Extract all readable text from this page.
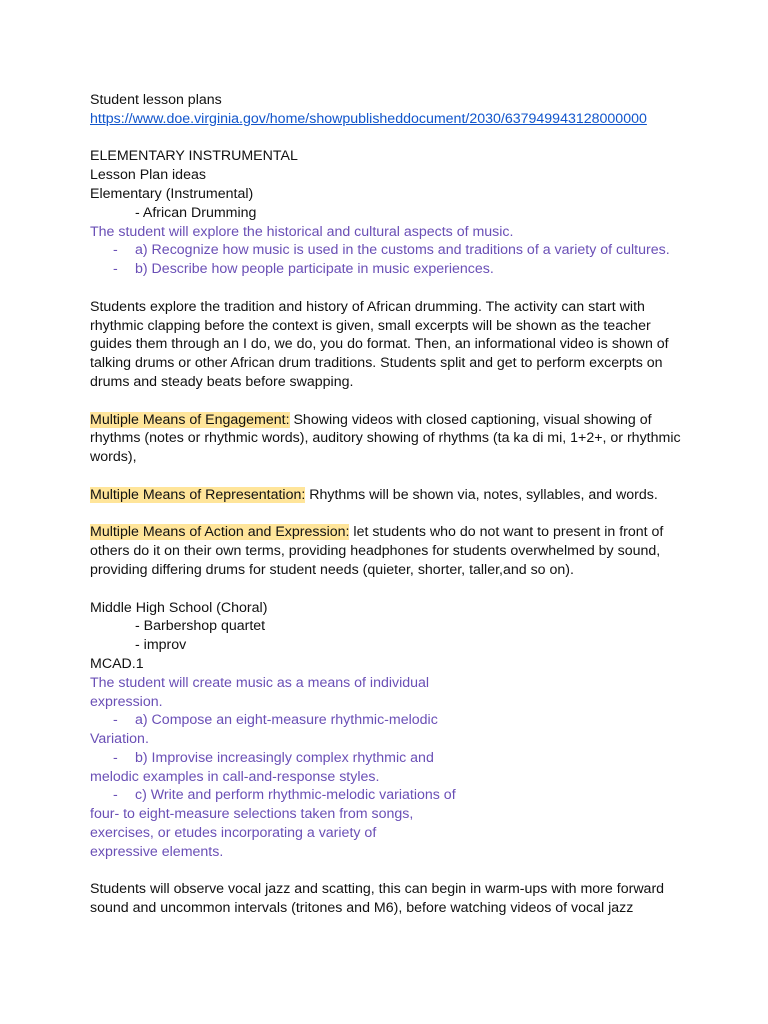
Student lesson plans
https://www.doe.virginia.gov/home/showpublisheddocument/2030/637949943128000000
ELEMENTARY INSTRUMENTAL
Lesson Plan ideas
Elementary (Instrumental)
- African Drumming
The student will explore the historical and cultural aspects of music.
- a) Recognize how music is used in the customs and traditions of a variety of cultures.
- b) Describe how people participate in music experiences.
Students explore the tradition and history of African drumming. The activity can start with rhythmic clapping before the context is given, small excerpts will be shown as the teacher guides them through an I do, we do, you do format. Then, an informational video is shown of talking drums or other African drum traditions. Students split and get to perform excerpts on drums and steady beats before swapping.
Multiple Means of Engagement: Showing videos with closed captioning, visual showing of rhythms (notes or rhythmic words), auditory showing of rhythms (ta ka di mi, 1+2+, or rhythmic words),
Multiple Means of Representation: Rhythms will be shown via, notes, syllables, and words.
Multiple Means of Action and Expression: let students who do not want to present in front of others do it on their own terms, providing headphones for students overwhelmed by sound, providing differing drums for student needs (quieter, shorter, taller,and so on).
Middle High School (Choral)
- Barbershop quartet
- improv
MCAD.1
The student will create music as a means of individual
expression.
- a) Compose an eight-measure rhythmic-melodic
Variation.
- b) Improvise increasingly complex rhythmic and
melodic examples in call-and-response styles.
- c) Write and perform rhythmic-melodic variations of
four- to eight-measure selections taken from songs,
exercises, or etudes incorporating a variety of
expressive elements.
Students will observe vocal jazz and scatting, this can begin in warm-ups with more forward
sound and uncommon intervals (tritones and M6), before watching videos of vocal jazz
